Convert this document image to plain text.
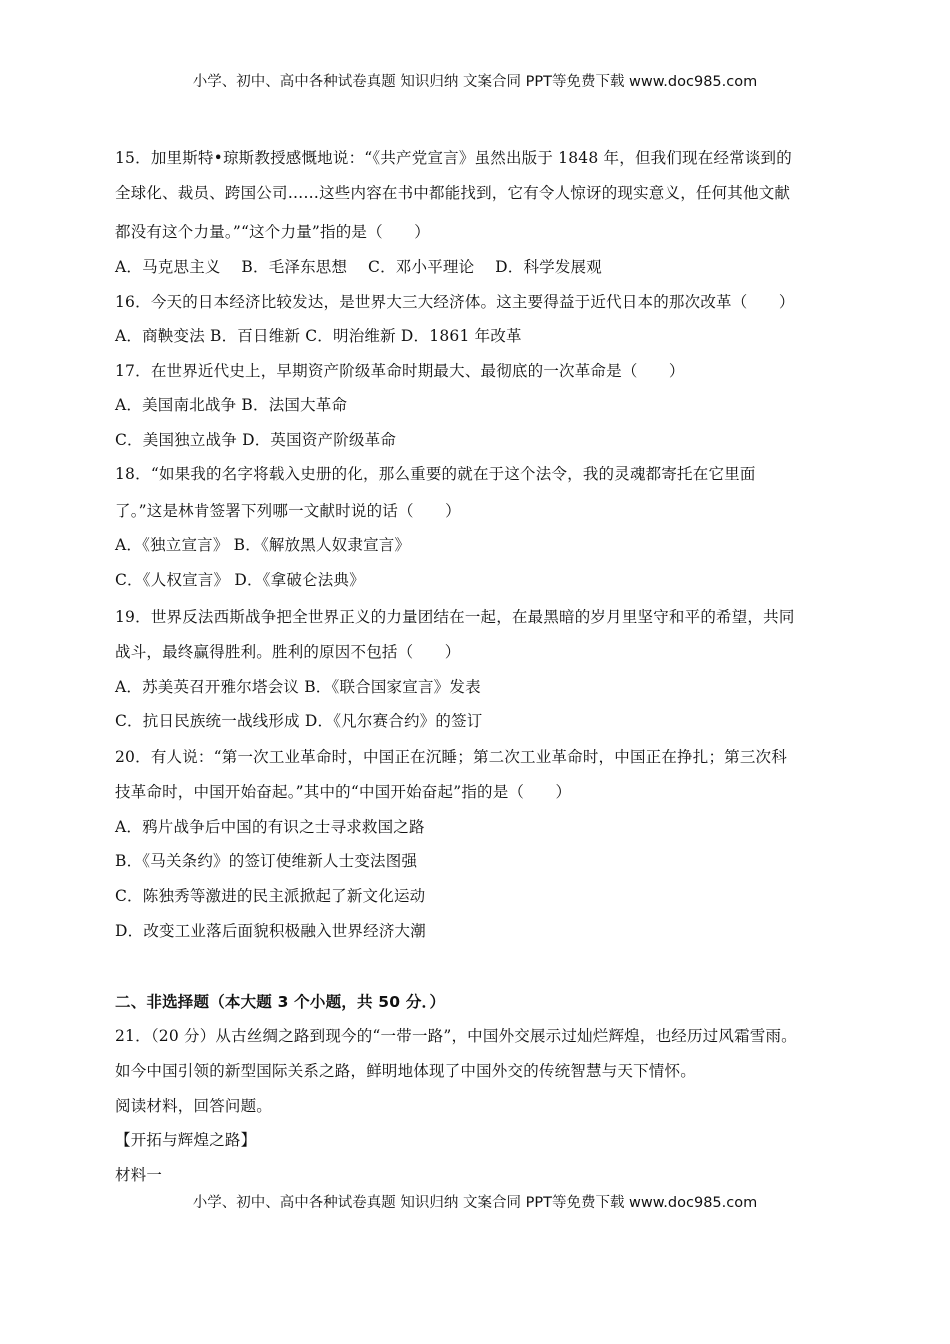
小学、初中、高中各种试卷真题 知识归纳 文案合同 PPT等免费下载 www.doc985.com
15．加里斯特•琼斯教授感慨地说：“《共产党宣言》虽然出版于 1848 年，但我们现在经常谈到的
全球化、裁员、跨国公司……这些内容在书中都能找到，它有令人惊讶的现实意义，任何其他文献
都没有这个力量。”“这个力量”指的是（　　）
A．马克思主义　 B．毛泽东思想　 C．邓小平理论　 D．科学发展观
16．今天的日本经济比较发达，是世界大三大经济体。这主要得益于近代日本的那次改革（　　）
A．商鞅变法 B．百日维新 C．明治维新 D．1861 年改革
17．在世界近代史上，早期资产阶级革命时期最大、最彻底的一次革命是（　　）
A．美国南北战争 B．法国大革命
C．美国独立战争 D．英国资产阶级革命
18．“如果我的名字将载入史册的化，那么重要的就在于这个法令，我的灵魂都寄托在它里面
了。”这是林肯签署下列哪一文献时说的话（　　）
A．《独立宣言》 B．《解放黑人奴隶宣言》
C．《人权宣言》 D．《拿破仑法典》
19．世界反法西斯战争把全世界正义的力量团结在一起，在最黑暗的岁月里坚守和平的希望，共同
战斗，最终赢得胜利。胜利的原因不包括（　　）
A．苏美英召开雅尔塔会议 B．《联合国家宣言》发表
C．抗日民族统一战线形成 D．《凡尔赛合约》的签订
20．有人说：“第一次工业革命时，中国正在沉睡；第二次工业革命时，中国正在挣扎；第三次科
技革命时，中国开始奋起。”其中的“中国开始奋起”指的是（　　）
A．鸦片战争后中国的有识之士寻求救国之路
B．《马关条约》的签订使维新人士变法图强
C．陈独秀等激进的民主派掀起了新文化运动
D．改变工业落后面貌积极融入世界经济大潮
二、非选择题（本大题 3 个小题，共 50 分．）
21．（20 分）从古丝绸之路到现今的“一带一路”，中国外交展示过灿烂辉煌，也经历过风霜雪雨。
如今中国引领的新型国际关系之路，鲜明地体现了中国外交的传统智慧与天下情怀。
阅读材料，回答问题。
【开拓与辉煌之路】
材料一
小学、初中、高中各种试卷真题 知识归纳 文案合同 PPT等免费下载 www.doc985.com
